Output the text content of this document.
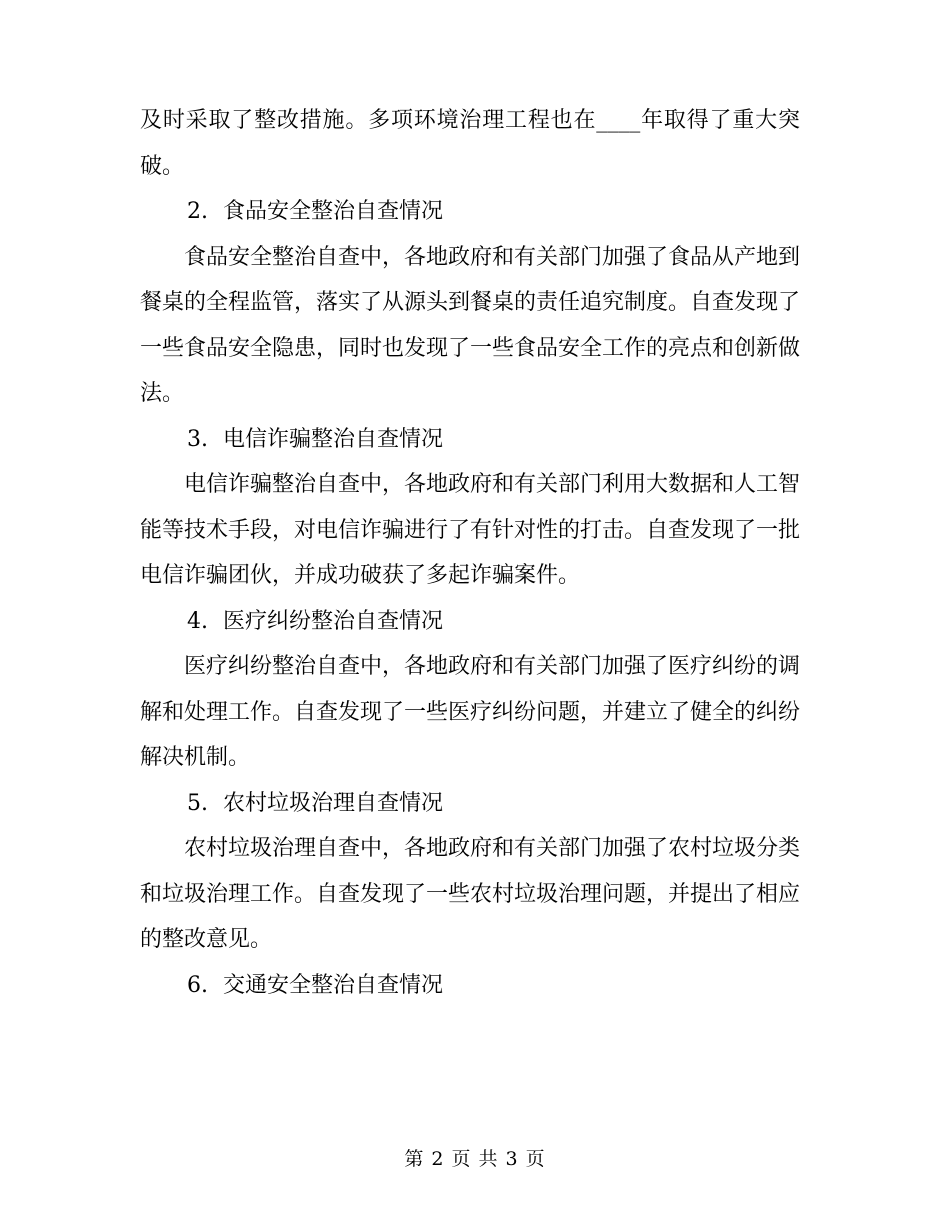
及时采取了整改措施。多项环境治理工程也在____年取得了重大突破。

2. 食品安全整治自查情况

食品安全整治自查中，各地政府和有关部门加强了食品从产地到餐桌的全程监管，落实了从源头到餐桌的责任追究制度。自查发现了一些食品安全隐患，同时也发现了一些食品安全工作的亮点和创新做法。

3. 电信诈骗整治自查情况

电信诈骗整治自查中，各地政府和有关部门利用大数据和人工智能等技术手段，对电信诈骗进行了有针对性的打击。自查发现了一批电信诈骗团伙，并成功破获了多起诈骗案件。

4. 医疗纠纷整治自查情况

医疗纠纷整治自查中，各地政府和有关部门加强了医疗纠纷的调解和处理工作。自查发现了一些医疗纠纷问题，并建立了健全的纠纷解决机制。

5. 农村垃圾治理自查情况

农村垃圾治理自查中，各地政府和有关部门加强了农村垃圾分类和垃圾治理工作。自查发现了一些农村垃圾治理问题，并提出了相应的整改意见。

6. 交通安全整治自查情况

第 2 页 共 3 页
